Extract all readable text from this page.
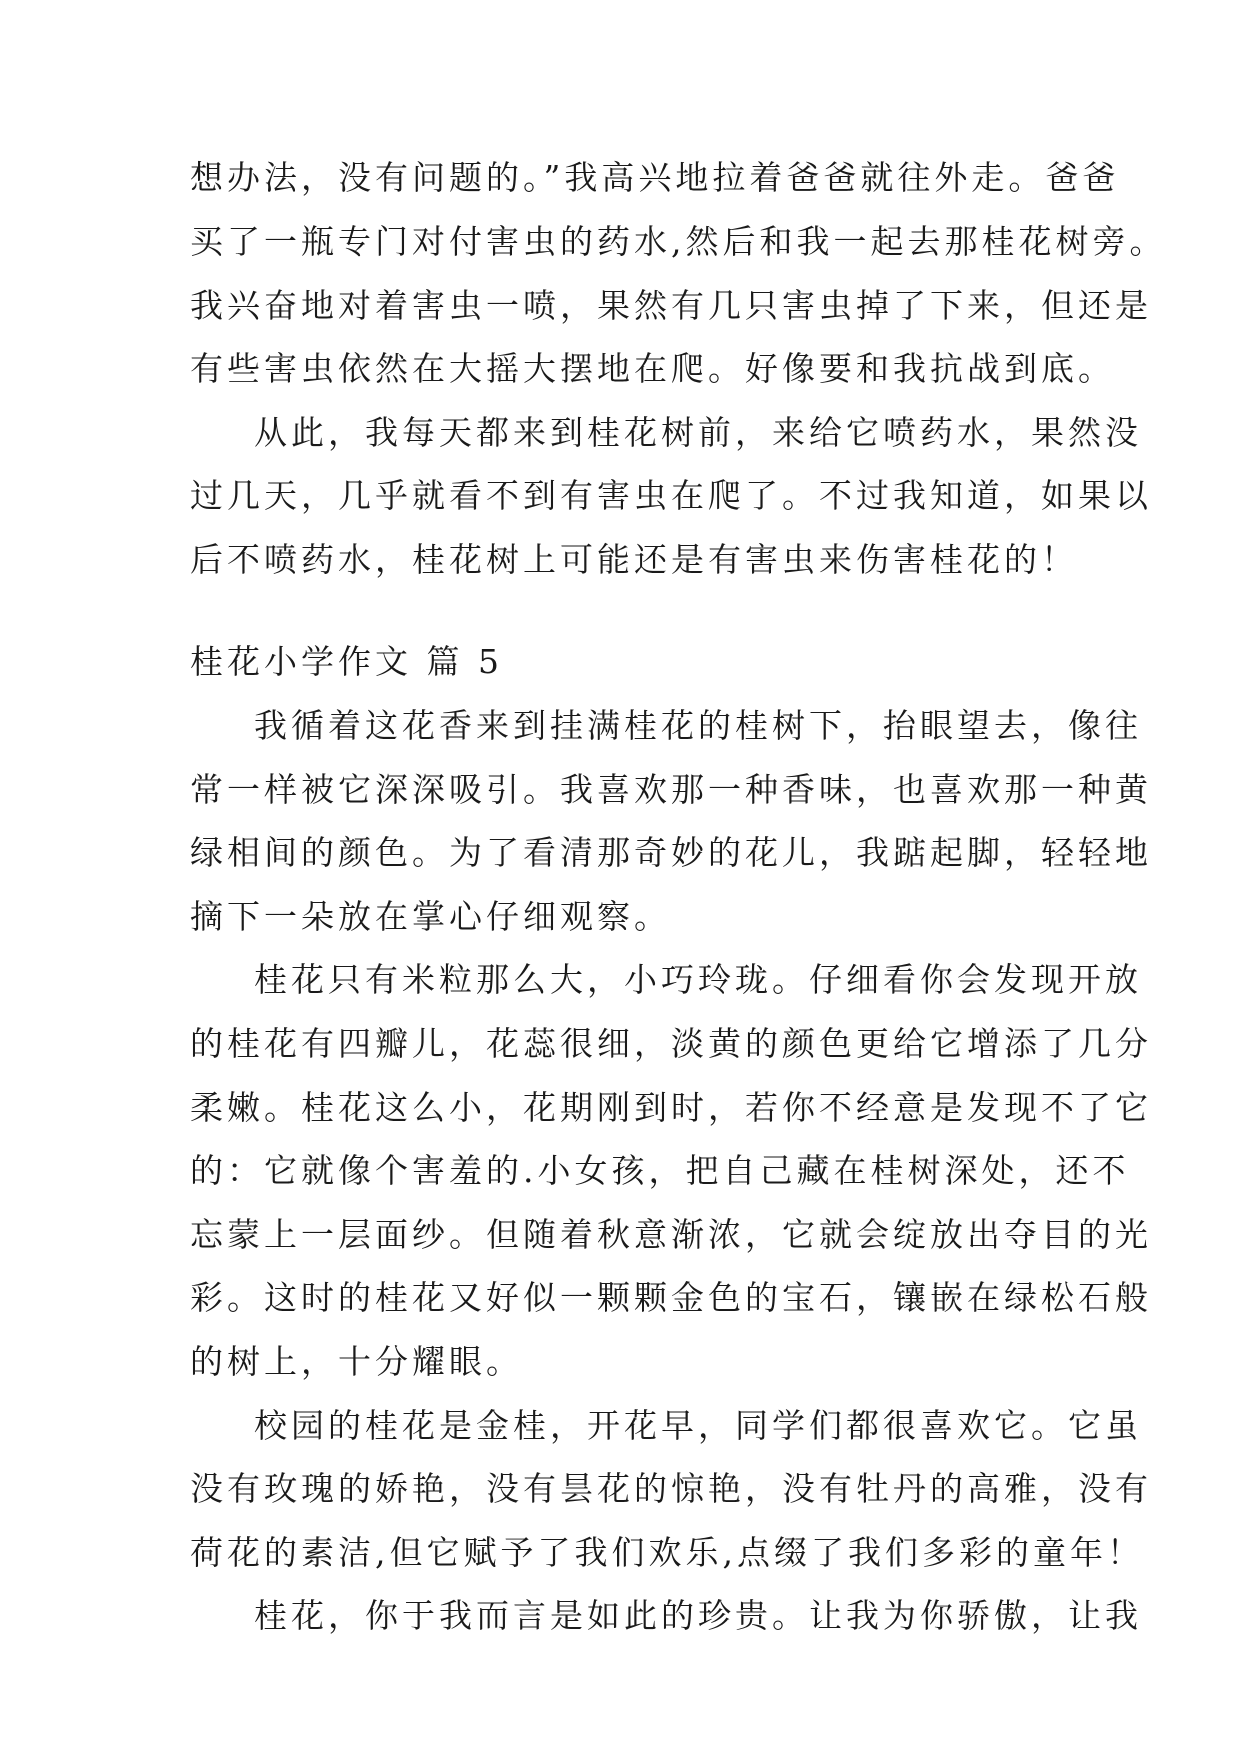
想办法，没有问题的。”我高兴地拉着爸爸就往外走。爸爸
买了一瓶专门对付害虫的药水,然后和我一起去那桂花树旁。
我兴奋地对着害虫一喷，果然有几只害虫掉了下来，但还是
有些害虫依然在大摇大摆地在爬。好像要和我抗战到底。
从此，我每天都来到桂花树前，来给它喷药水，果然没
过几天，几乎就看不到有害虫在爬了。不过我知道，如果以
后不喷药水，桂花树上可能还是有害虫来伤害桂花的！
桂花小学作文 篇 5
我循着这花香来到挂满桂花的桂树下，抬眼望去，像往
常一样被它深深吸引。我喜欢那一种香味，也喜欢那一种黄
绿相间的颜色。为了看清那奇妙的花儿，我踮起脚，轻轻地
摘下一朵放在掌心仔细观察。
桂花只有米粒那么大，小巧玲珑。仔细看你会发现开放
的桂花有四瓣儿，花蕊很细，淡黄的颜色更给它增添了几分
柔嫩。桂花这么小，花期刚到时，若你不经意是发现不了它
的：它就像个害羞的.小女孩，把自己藏在桂树深处，还不
忘蒙上一层面纱。但随着秋意渐浓，它就会绽放出夺目的光
彩。这时的桂花又好似一颗颗金色的宝石，镶嵌在绿松石般
的树上，十分耀眼。
校园的桂花是金桂，开花早，同学们都很喜欢它。它虽
没有玫瑰的娇艳，没有昙花的惊艳，没有牡丹的高雅，没有
荷花的素洁,但它赋予了我们欢乐,点缀了我们多彩的童年！
桂花，你于我而言是如此的珍贵。让我为你骄傲，让我
